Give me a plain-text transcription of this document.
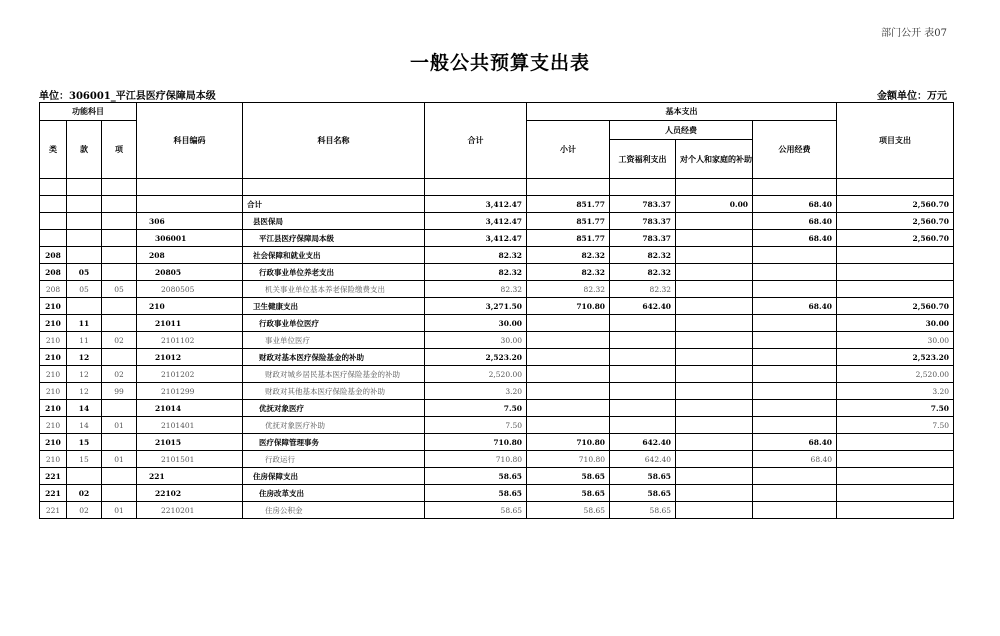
部门公开 表07
一般公共预算支出表
单位：306001_平江县医疗保障局本级	金额单位：万元
功能科目			科目编码	科目名称	合计	基本支出				项目支出
类	款	项				小计	人员经费		公用经费	
							工资福利支出	对个人和家庭的补助		

				合计	3,412.47	851.77	783.37	0.00	68.40	2,560.70
			306	县医保局	3,412.47	851.77	783.37		68.40	2,560.70
			306001	平江县医疗保障局本级	3,412.47	851.77	783.37		68.40	2,560.70
208			208	社会保障和就业支出	82.32	82.32	82.32			
208	05		20805	行政事业单位养老支出	82.32	82.32	82.32			
208	05	05	2080505	机关事业单位基本养老保险缴费支出	82.32	82.32	82.32			
210			210	卫生健康支出	3,271.50	710.80	642.40		68.40	2,560.70
210	11		21011	行政事业单位医疗	30.00					30.00
210	11	02	2101102	事业单位医疗	30.00					30.00
210	12		21012	财政对基本医疗保险基金的补助	2,523.20					2,523.20
210	12	02	2101202	财政对城乡居民基本医疗保险基金的补助	2,520.00					2,520.00
210	12	99	2101299	财政对其他基本医疗保险基金的补助	3.20					3.20
210	14		21014	优抚对象医疗	7.50					7.50
210	14	01	2101401	优抚对象医疗补助	7.50					7.50
210	15		21015	医疗保障管理事务	710.80	710.80	642.40		68.40	
210	15	01	2101501	行政运行	710.80	710.80	642.40		68.40	
221			221	住房保障支出	58.65	58.65	58.65			
221	02		22102	住房改革支出	58.65	58.65	58.65			
221	02	01	2210201	住房公积金	58.65	58.65	58.65			
